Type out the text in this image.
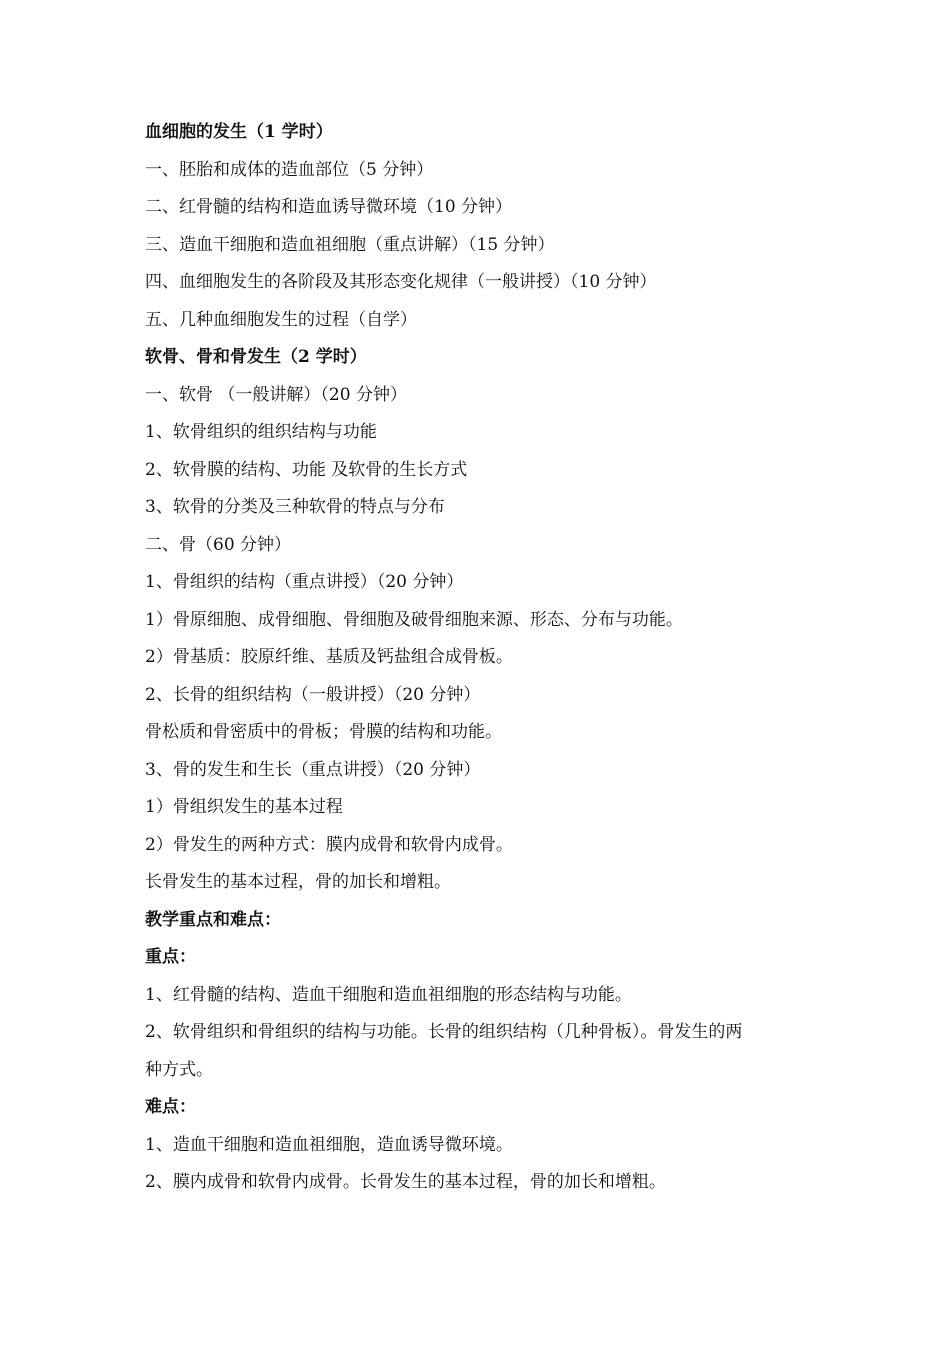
血细胞的发生（1 学时）
一、胚胎和成体的造血部位（5 分钟）
二、红骨髓的结构和造血诱导微环境（10 分钟）
三、造血干细胞和造血祖细胞（重点讲解）（15 分钟）
四、血细胞发生的各阶段及其形态变化规律（一般讲授）（10 分钟）
五、几种血细胞发生的过程（自学）
软骨、骨和骨发生（2 学时）
一、软骨 （一般讲解）（20 分钟）
1、软骨组织的组织结构与功能
2、软骨膜的结构、功能 及软骨的生长方式
3、软骨的分类及三种软骨的特点与分布
二、骨（60 分钟）
1、骨组织的结构（重点讲授）（20 分钟）
1）骨原细胞、成骨细胞、骨细胞及破骨细胞来源、形态、分布与功能。
2）骨基质：胶原纤维、基质及钙盐组合成骨板。
2、长骨的组织结构（一般讲授）（20 分钟）
骨松质和骨密质中的骨板；骨膜的结构和功能。
3、骨的发生和生长（重点讲授）（20 分钟）
1）骨组织发生的基本过程
2）骨发生的两种方式：膜内成骨和软骨内成骨。
长骨发生的基本过程，骨的加长和增粗。
教学重点和难点：
重点：
1、红骨髓的结构、造血干细胞和造血祖细胞的形态结构与功能。
2、软骨组织和骨组织的结构与功能。长骨的组织结构（几种骨板）。骨发生的两
种方式。
难点：
1、造血干细胞和造血祖细胞，造血诱导微环境。
2、膜内成骨和软骨内成骨。长骨发生的基本过程，骨的加长和增粗。
